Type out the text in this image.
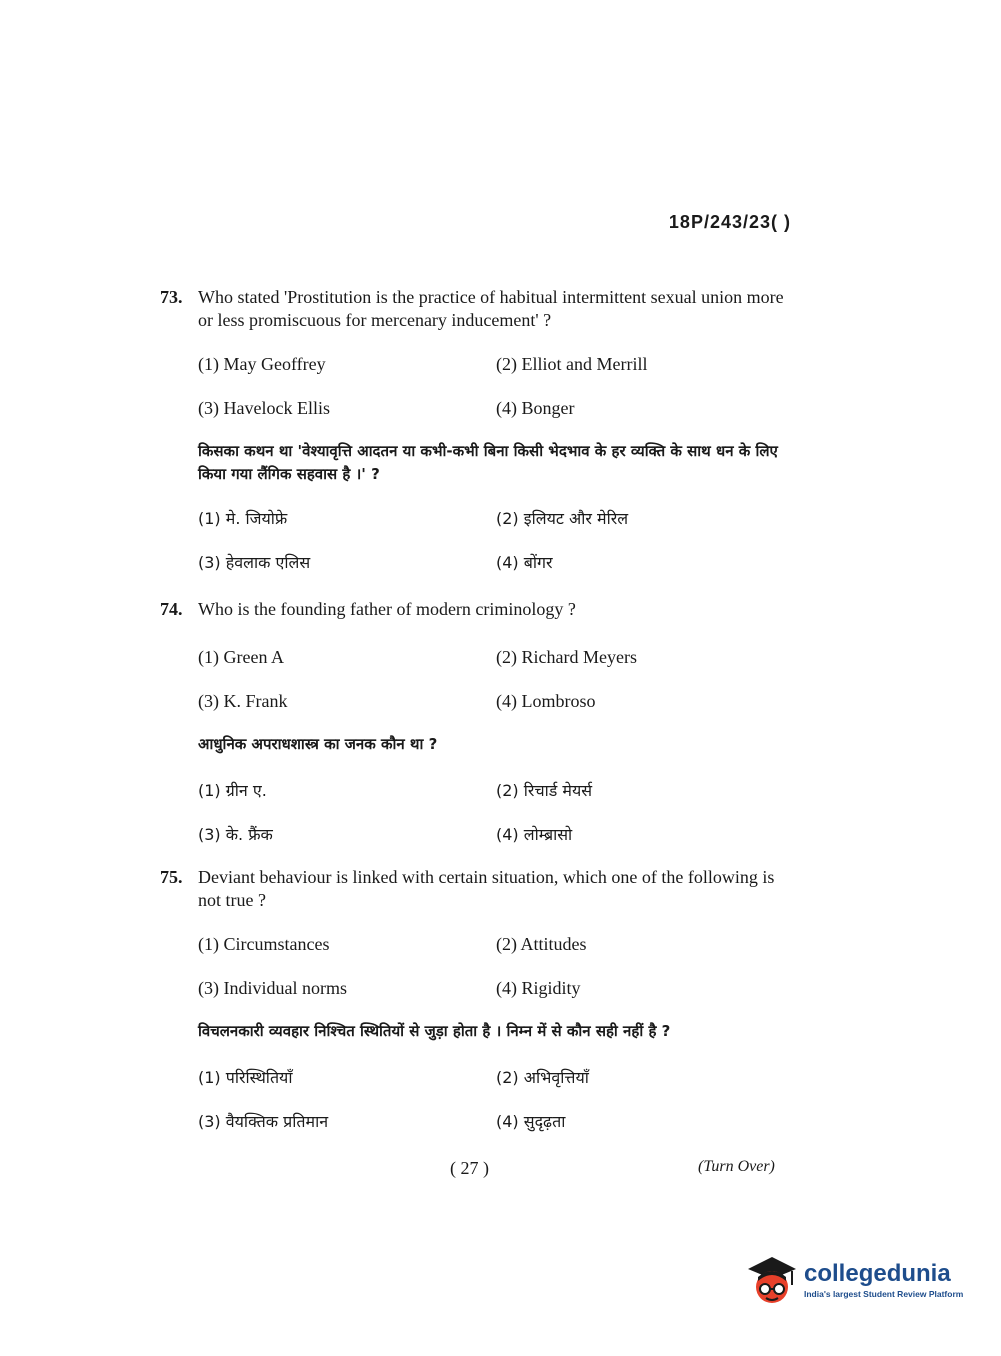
18P/243/23( )
73. Who stated 'Prostitution is the practice of habitual intermittent sexual union more or less promiscuous for mercenary inducement' ?
(1) May Geoffrey	(2) Elliot and Merrill
(3) Havelock Ellis	(4) Bonger
किसका कथन था 'वेश्यावृत्ति आदतन या कभी-कभी बिना किसी भेदभाव के हर व्यक्ति के साथ धन के लिए किया गया लैंगिक सहवास है ।' ?
(1) मे. जियोफ्रे	(2) इलियट और मेरिल
(3) हेवलाक एलिस	(4) बोंगर
74. Who is the founding father of modern criminology ?
(1) Green A	(2) Richard Meyers
(3) K. Frank	(4) Lombroso
आधुनिक अपराधशास्त्र का जनक कौन था ?
(1) ग्रीन ए.	(2) रिचार्ड मेयर्स
(3) के. फ्रैंक	(4) लोम्ब्रासो
75. Deviant behaviour is linked with certain situation, which one of the following is not true ?
(1) Circumstances	(2) Attitudes
(3) Individual norms	(4) Rigidity
विचलनकारी व्यवहार निश्चित स्थितियों से जुड़ा होता है । निम्न में से कौन सही नहीं है ?
(1) परिस्थितियाँ	(2) अभिवृत्तियाँ
(3) वैयक्तिक प्रतिमान	(4) सुदृढ़ता
( 27 )	(Turn Over)
collegedunia
India's largest Student Review Platform
